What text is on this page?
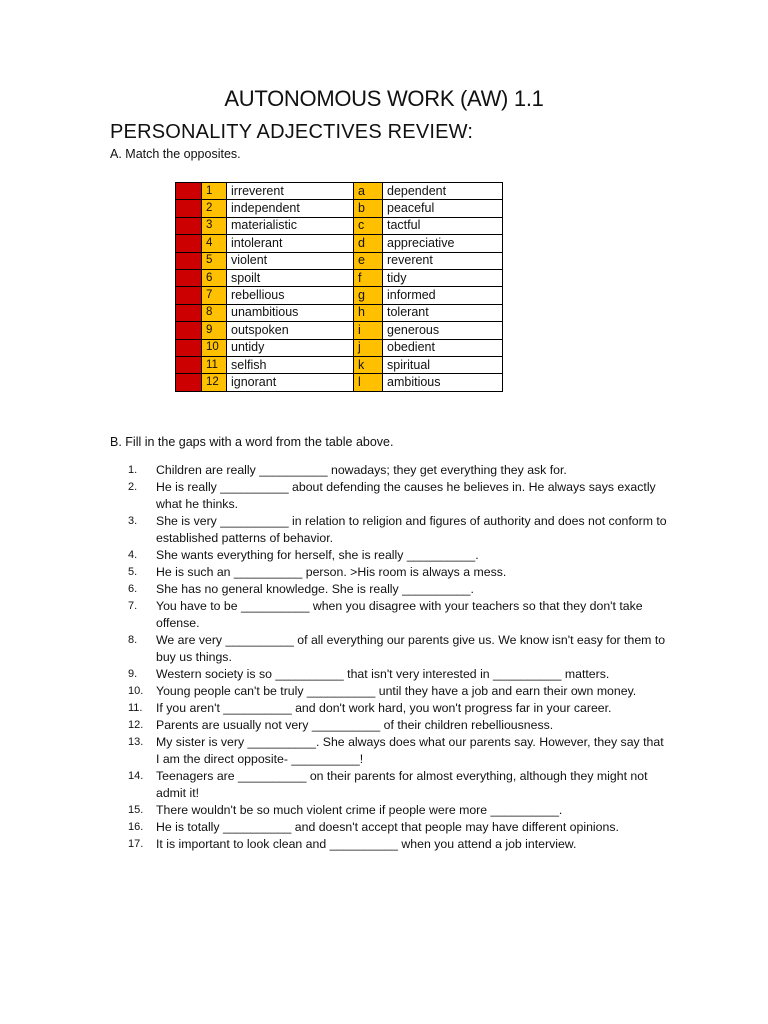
AUTONOMOUS WORK (AW) 1.1
PERSONALITY ADJECTIVES REVIEW:
A. Match the opposites.
	1	irreverent	a	dependent
	2	independent	b	peaceful
	3	materialistic	c	tactful
	4	intolerant	d	appreciative
	5	violent	e	reverent
	6	spoilt	f	tidy
	7	rebellious	g	informed
	8	unambitious	h	tolerant
	9	outspoken	i	generous
	10	untidy	j	obedient
	11	selfish	k	spiritual
	12	ignorant	l	ambitious
B. Fill in the gaps with a word from the table above.
1. Children are really __________ nowadays; they get everything they ask for.
2. He is really __________ about defending the causes he believes in. He always says exactly what he thinks.
3. She is very __________ in relation to religion and figures of authority and does not conform to established patterns of behavior.
4. She wants everything for herself, she is really __________.
5. He is such an __________ person. >His room is always a mess.
6. She has no general knowledge. She is really __________.
7. You have to be __________ when you disagree with your teachers so that they don't take offense.
8. We are very __________ of all everything our parents give us. We know isn't easy for them to buy us things.
9. Western society is so __________ that isn't very interested in __________ matters.
10. Young people can't be truly __________ until they have a job and earn their own money.
11. If you aren't __________ and don't work hard, you won't progress far in your career.
12. Parents are usually not very __________ of their children rebelliousness.
13. My sister is very __________. She always does what our parents say. However, they say that I am the direct opposite- __________!
14. Teenagers are __________ on their parents for almost everything, although they might not admit it!
15. There wouldn't be so much violent crime if people were more __________.
16. He is totally __________ and doesn't accept that people may have different opinions.
17. It is important to look clean and __________ when you attend a job interview.
